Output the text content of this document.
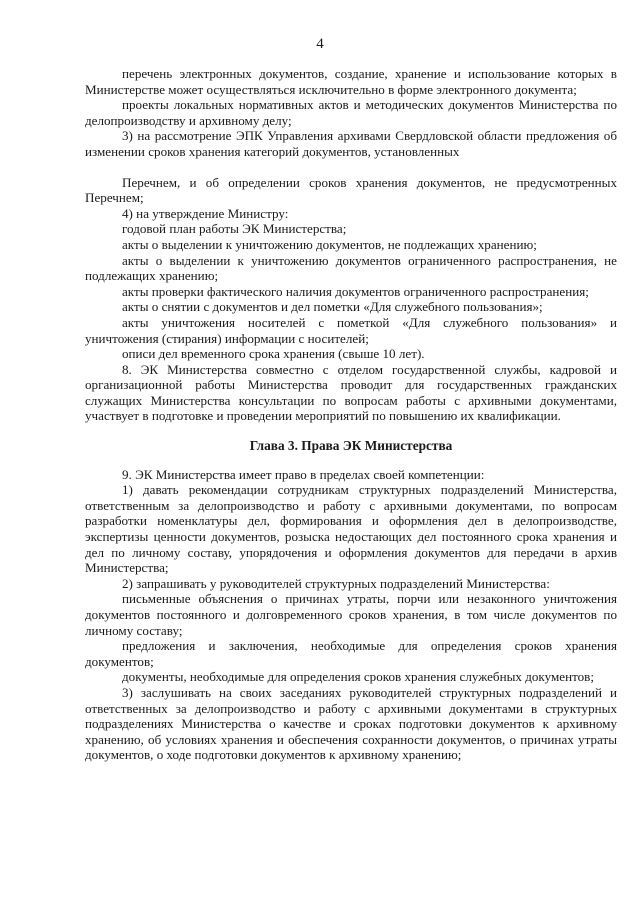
4

перечень электронных документов, создание, хранение и использование которых в Министерстве может осуществляться исключительно в форме электронного документа;

проекты локальных нормативных актов и методических документов Министерства по делопроизводству и архивному делу;

3) на рассмотрение ЭПК Управления архивами Свердловской области предложения об изменении сроков хранения категорий документов, установленных

Перечнем, и об определении сроков хранения документов, не предусмотренных Перечнем;

4) на утверждение Министру:

годовой план работы ЭК Министерства;

акты о выделении к уничтожению документов, не подлежащих хранению;

акты о выделении к уничтожению документов ограниченного распространения, не подлежащих хранению;

акты проверки фактического наличия документов ограниченного распространения;

акты о снятии с документов и дел пометки «Для служебного пользования»;

акты уничтожения носителей с пометкой «Для служебного пользования» и уничтожения (стирания) информации с носителей;

описи дел временного срока хранения (свыше 10 лет).

8. ЭК Министерства совместно с отделом государственной службы, кадровой и организационной работы Министерства проводит для государственных гражданских служащих Министерства консультации по вопросам работы с архивными документами, участвует в подготовке и проведении мероприятий по повышению их квалификации.

Глава 3. Права ЭК Министерства

9. ЭК Министерства имеет право в пределах своей компетенции:

1) давать рекомендации сотрудникам структурных подразделений Министерства, ответственным за делопроизводство и работу с архивными документами, по вопросам разработки номенклатуры дел, формирования и оформления дел в делопроизводстве, экспертизы ценности документов, розыска недостающих дел постоянного срока хранения и дел по личному составу, упорядочения и оформления документов для передачи в архив Министерства;

2) запрашивать у руководителей структурных подразделений Министерства:

письменные объяснения о причинах утраты, порчи или незаконного уничтожения документов постоянного и долговременного сроков хранения, в том числе документов по личному составу;

предложения и заключения, необходимые для определения сроков хранения документов;

документы, необходимые для определения сроков хранения служебных документов;

3) заслушивать на своих заседаниях руководителей структурных подразделений и ответственных за делопроизводство и работу с архивными документами в структурных подразделениях Министерства о качестве и сроках подготовки документов к архивному хранению, об условиях хранения и обеспечения сохранности документов, о причинах утраты документов, о ходе подготовки документов к архивному хранению;
